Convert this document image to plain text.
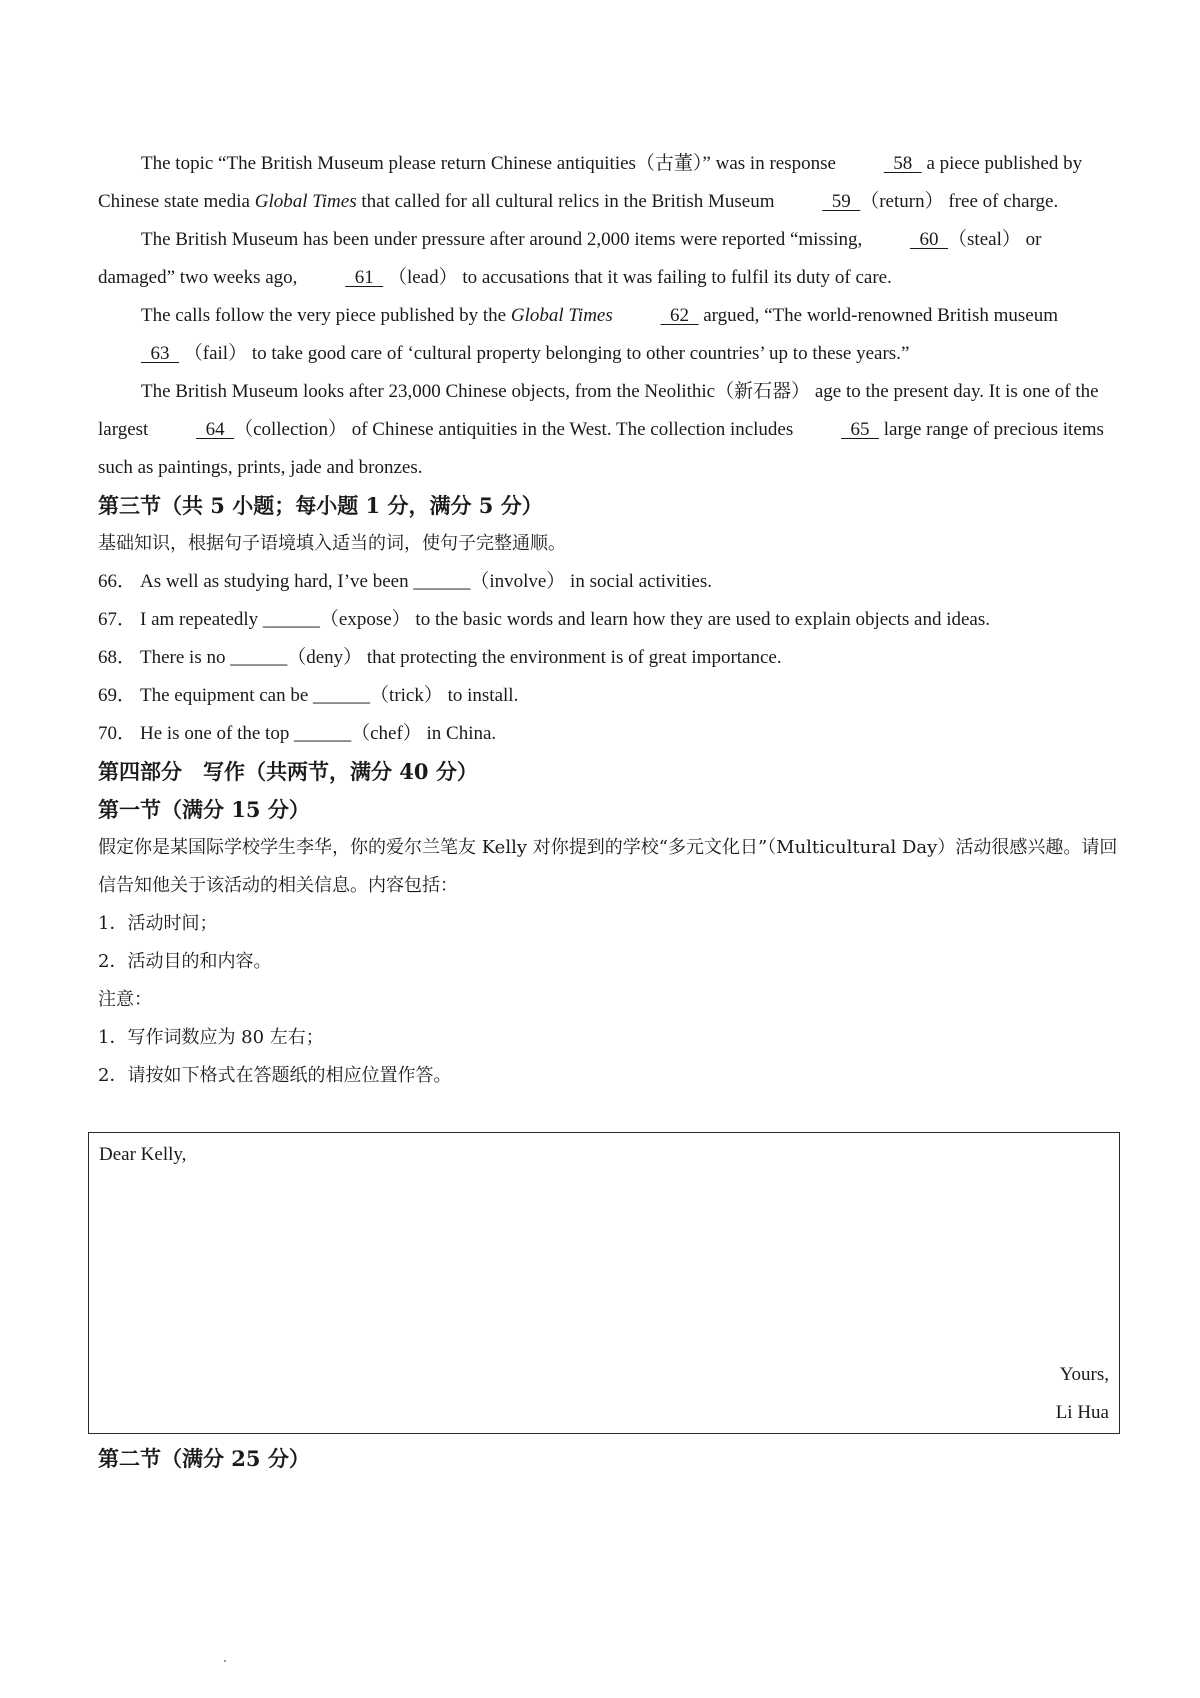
The topic “The British Museum please return Chinese antiquities（古董）” was in response   58   a piece published by Chinese state media Global Times that called for all cultural relics in the British Museum   59  （return） free of charge.

The British Museum has been under pressure after around 2,000 items were reported “missing,   60  （steal） or damaged” two weeks ago,   61   （lead） to accusations that it was failing to fulfil its duty of care.

The calls follow the very piece published by the Global Times	62   argued, “The world-renowned British museum   63   （fail） to take good care of ‘cultural property belonging to other countries’ up to these years.”

The British Museum looks after 23,000 Chinese objects, from the Neolithic（新石器） age to the present day. It is one of the largest   64  （collection） of Chinese antiquities in the West. The collection includes   65   large range of precious items such as paintings, prints, jade and bronzes.

第三节（共 5 小题；每小题 1 分，满分 5 分）

基础知识，根据句子语境填入适当的词，使句子完整通顺。

66． As well as studying hard, I’ve been ______（involve） in social activities.

67． I am repeatedly ______（expose） to the basic words and learn how they are used to explain objects and ideas.

68． There is no ______（deny） that protecting the environment is of great importance.

69． The equipment can be ______（trick） to install.

70． He is one of the top ______（chef） in China.

第四部分　写作（共两节，满分 40 分）

第一节（满分 15 分）

假定你是某国际学校学生李华，你的爱尔兰笔友 Kelly 对你提到的学校“多元文化日”（Multicultural Day）活动很感兴趣。请回信告知他关于该活动的相关信息。内容包括：

1．活动时间；

2．活动目的和内容。

注意：

1．写作词数应为 80 左右；

2．请按如下格式在答题纸的相应位置作答。

Dear Kelly,
Yours,
Li Hua

第二节（满分 25 分）
